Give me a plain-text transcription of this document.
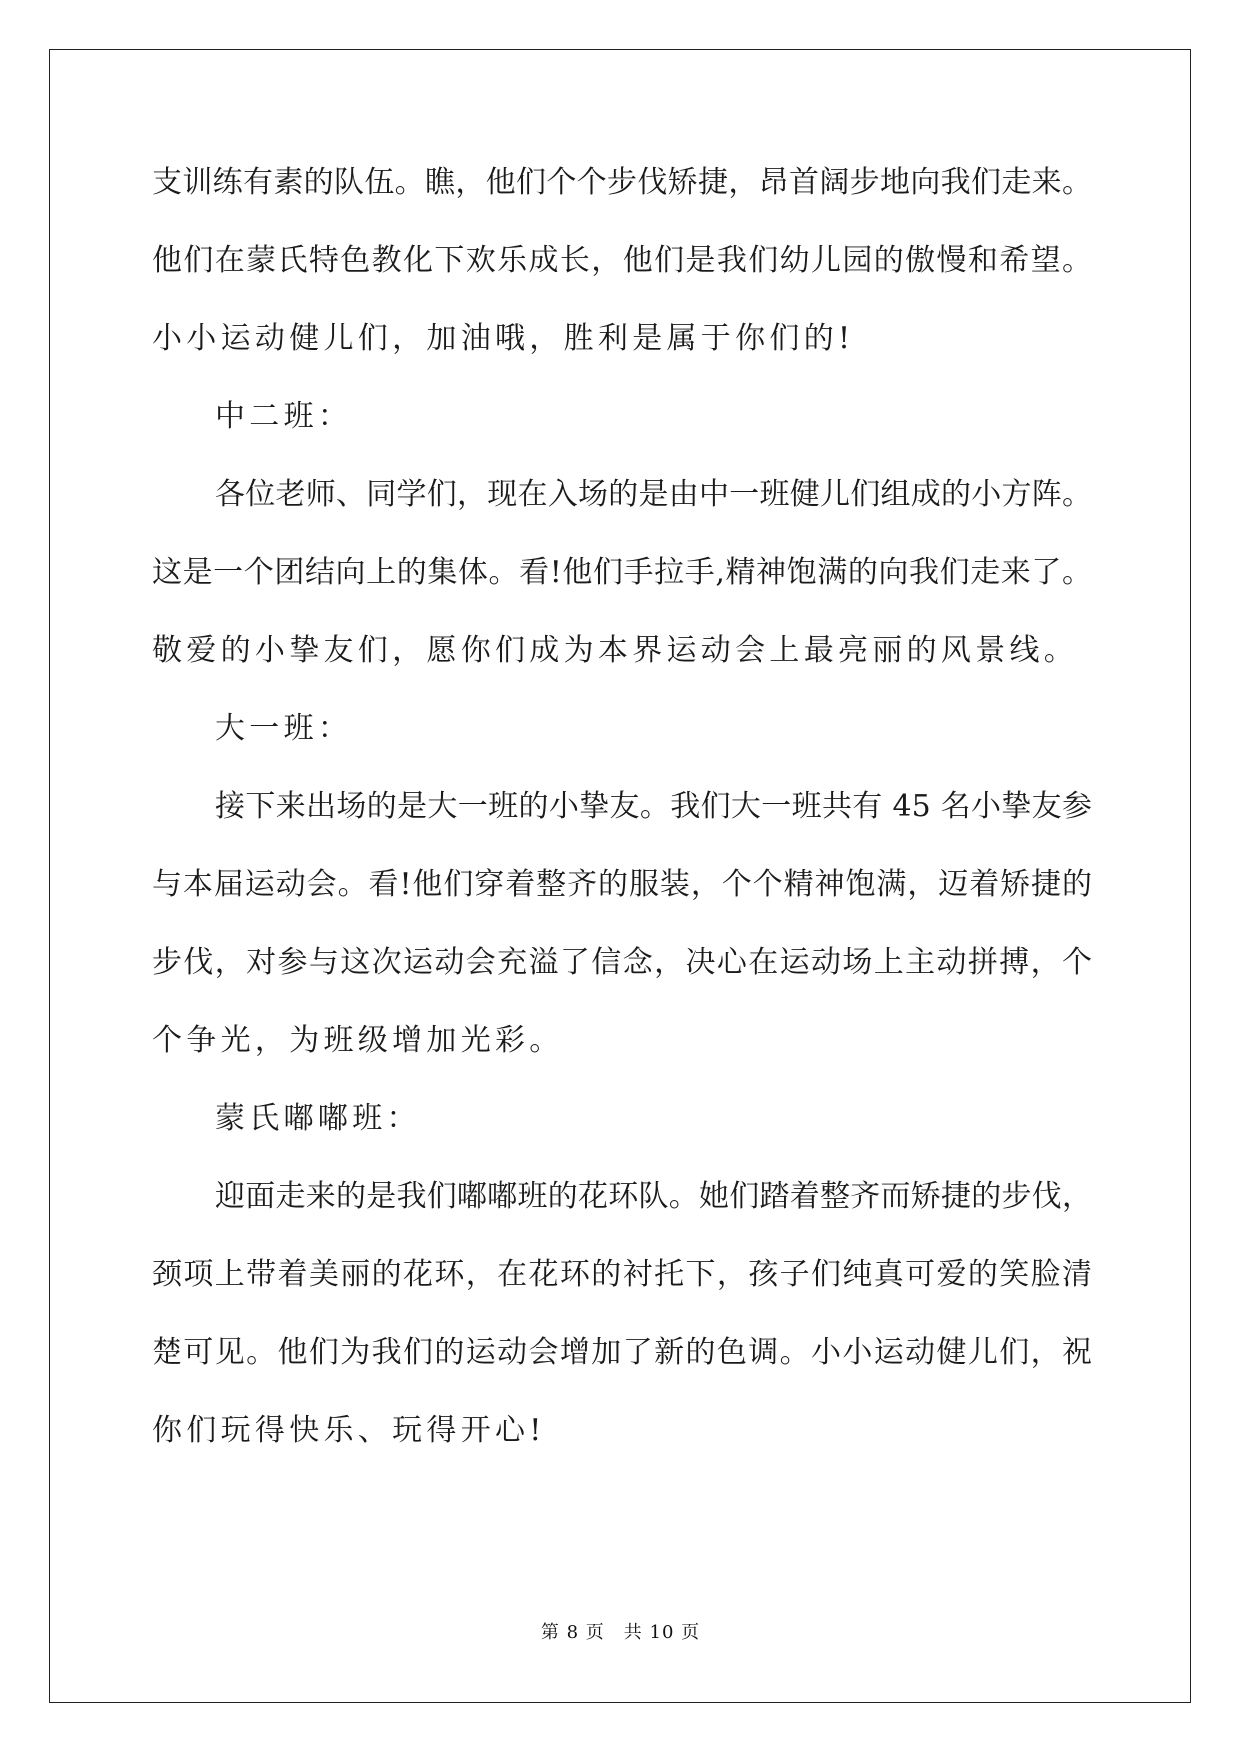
支训练有素的队伍。瞧，他们个个步伐矫捷，昂首阔步地向我们走来。
他们在蒙氏特色教化下欢乐成长，他们是我们幼儿园的傲慢和希望。
小小运动健儿们，加油哦，胜利是属于你们的!
中二班：
各位老师、同学们，现在入场的是由中一班健儿们组成的小方阵。
这是一个团结向上的集体。看!他们手拉手,精神饱满的向我们走来了。
敬爱的小挚友们，愿你们成为本界运动会上最亮丽的风景线。
大一班：
接下来出场的是大一班的小挚友。我们大一班共有 45 名小挚友参
与本届运动会。看!他们穿着整齐的服装，个个精神饱满，迈着矫捷的
步伐，对参与这次运动会充溢了信念，决心在运动场上主动拼搏，个
个争光，为班级增加光彩。
蒙氏嘟嘟班：
迎面走来的是我们嘟嘟班的花环队。她们踏着整齐而矫捷的步伐，
颈项上带着美丽的花环，在花环的衬托下，孩子们纯真可爱的笑脸清
楚可见。他们为我们的运动会增加了新的色调。小小运动健儿们，祝
你们玩得快乐、玩得开心!
第 8 页　共 10 页
